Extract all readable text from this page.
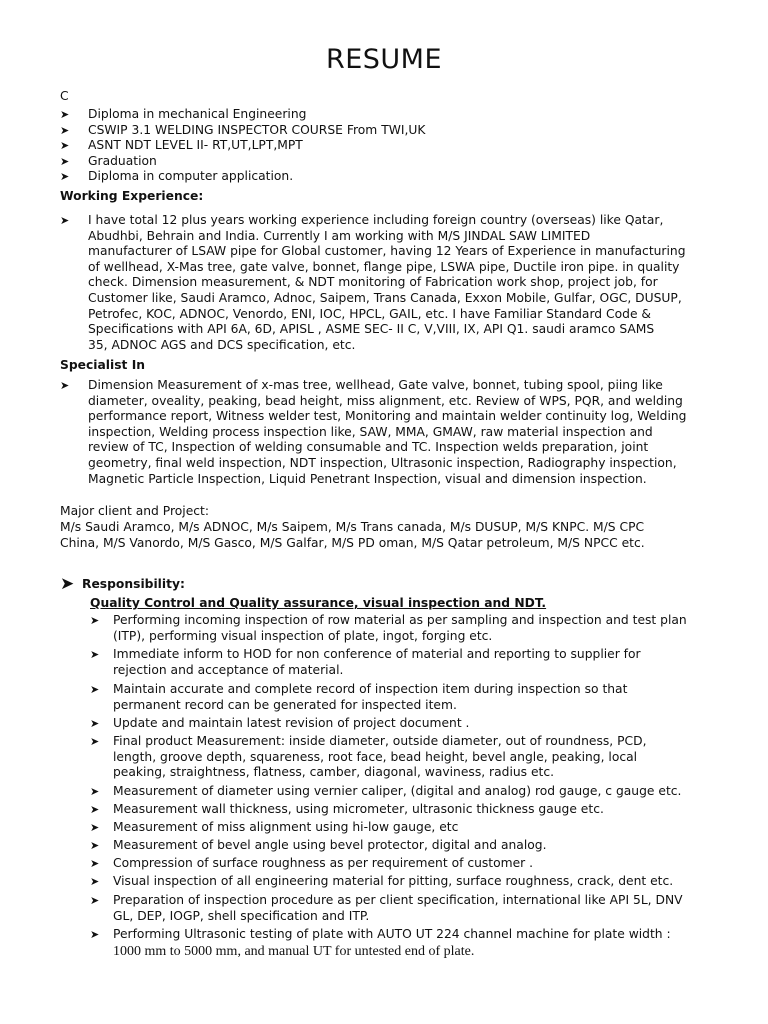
RESUME
C
➤ Diploma in mechanical Engineering
➤ CSWIP 3.1 WELDING INSPECTOR COURSE From TWI,UK
➤ ASNT NDT LEVEL II- RT,UT,LPT,MPT
➤ Graduation
➤ Diploma in computer application.
Working Experience:
➤ I have total 12 plus years working experience including foreign country (overseas) like Qatar,
Abudhbi, Behrain and India. Currently I am working with M/S JINDAL SAW LIMITED
manufacturer of LSAW pipe for Global customer, having 12 Years of Experience in manufacturing
of wellhead, X-Mas tree, gate valve, bonnet, flange pipe, LSWA pipe, Ductile iron pipe. in quality
check. Dimension measurement, & NDT monitoring of Fabrication work shop, project job, for
Customer like, Saudi Aramco, Adnoc, Saipem, Trans Canada, Exxon Mobile, Gulfar, OGC, DUSUP,
Petrofec, KOC, ADNOC, Venordo, ENI, IOC, HPCL, GAIL, etc. I have Familiar Standard Code &
Specifications with API 6A, 6D, APISL , ASME SEC- II C, V,VIII, IX, API Q1. saudi aramco SAMS
35, ADNOC AGS and DCS specification, etc.
Specialist In
➤ Dimension Measurement of x-mas tree, wellhead, Gate valve, bonnet, tubing spool, piing like
diameter, oveality, peaking, bead height, miss alignment, etc. Review of WPS, PQR, and welding
performance report, Witness welder test, Monitoring and maintain welder continuity log, Welding
inspection, Welding process inspection like, SAW, MMA, GMAW, raw material inspection and
review of TC, Inspection of welding consumable and TC. Inspection welds preparation, joint
geometry, final weld inspection, NDT inspection, Ultrasonic inspection, Radiography inspection,
Magnetic Particle Inspection, Liquid Penetrant Inspection, visual and dimension inspection.
Major client and Project:
M/s Saudi Aramco, M/s ADNOC, M/s Saipem, M/s Trans canada, M/s DUSUP, M/S KNPC. M/S CPC
China, M/S Vanordo, M/S Gasco, M/S Galfar, M/S PD oman, M/S Qatar petroleum, M/S NPCC etc.
➤ Responsibility:
Quality Control and Quality assurance, visual inspection and NDT.
➤ Performing incoming inspection of row material as per sampling and inspection and test plan
(ITP), performing visual inspection of plate, ingot, forging etc.
➤ Immediate inform to HOD for non conference of material and reporting to supplier for
rejection and acceptance of material.
➤ Maintain accurate and complete record of inspection item during inspection so that
permanent record can be generated for inspected item.
➤ Update and maintain latest revision of project document .
➤ Final product Measurement: inside diameter, outside diameter, out of roundness, PCD,
length, groove depth, squareness, root face, bead height, bevel angle, peaking, local
peaking, straightness, flatness, camber, diagonal, waviness, radius etc.
➤ Measurement of diameter using vernier caliper, (digital and analog) rod gauge, c gauge etc.
➤ Measurement wall thickness, using micrometer, ultrasonic thickness gauge etc.
➤ Measurement of miss alignment using hi-low gauge, etc
➤ Measurement of bevel angle using bevel protector, digital and analog.
➤ Compression of surface roughness as per requirement of customer .
➤ Visual inspection of all engineering material for pitting, surface roughness, crack, dent etc.
➤ Preparation of inspection procedure as per client specification, international like API 5L, DNV
GL, DEP, IOGP, shell specification and ITP.
➤ Performing Ultrasonic testing of plate with AUTO UT 224 channel machine for plate width :
1000 mm to 5000 mm, and manual UT for untested end of plate.
